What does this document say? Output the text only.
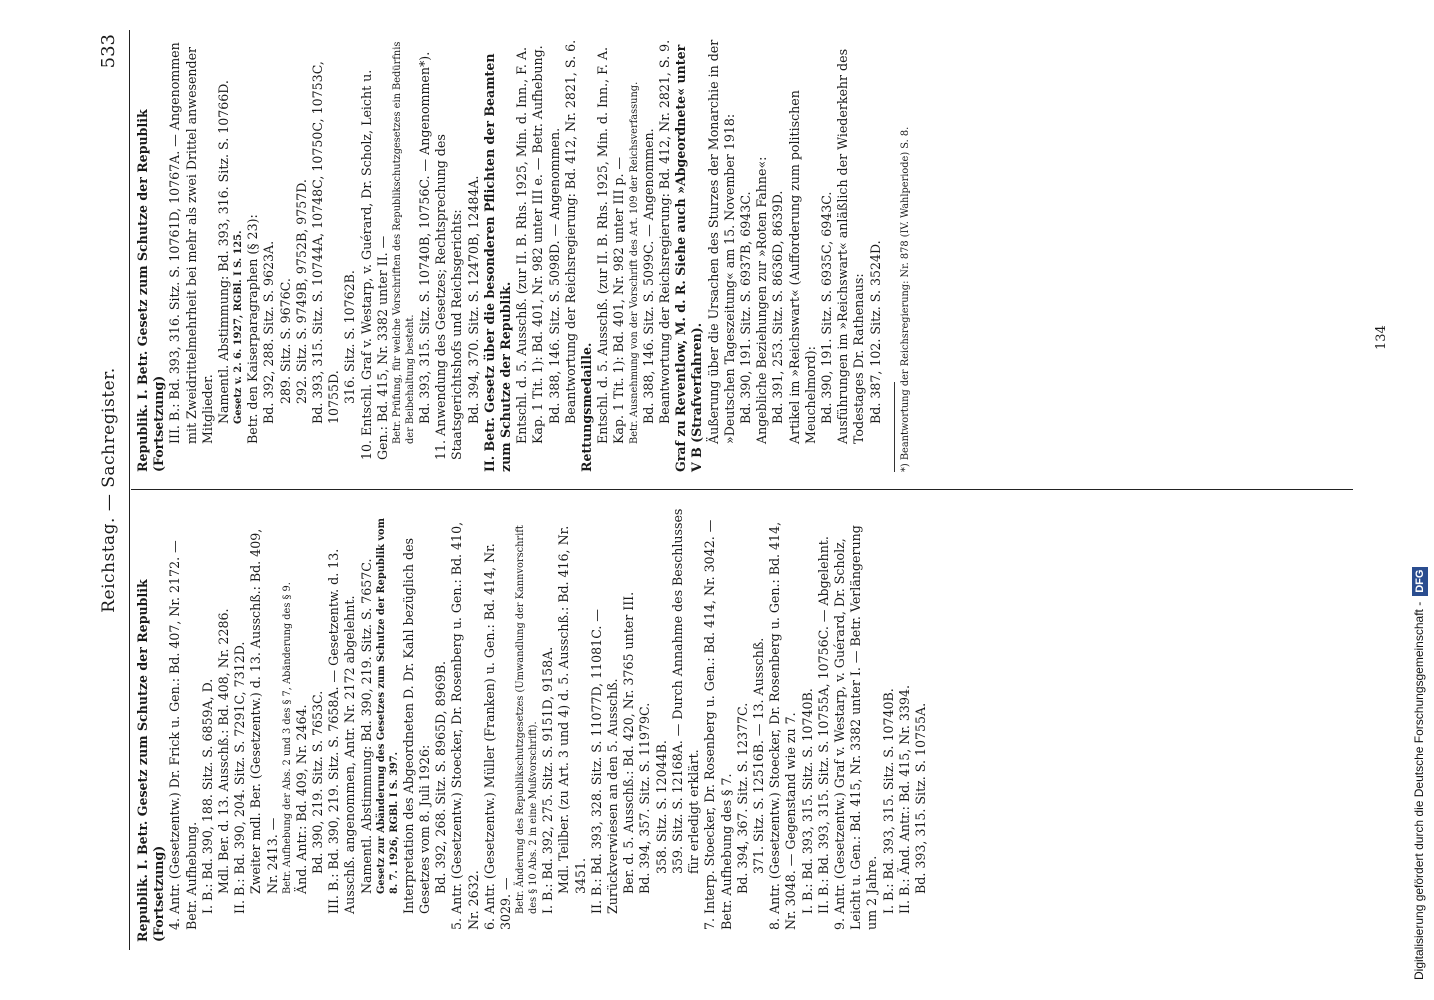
Reichstag. — Sachregister.
533

Republik. I. Betr. Gesetz zum Schutze der Republik (Fortsetzung) 4. Antr. (Gesetzentw.) Dr. Frick u. Gen.: Bd. 407, Nr. 2172. — Betr. Aufhebung. I. B.: Bd. 390, 188. Sitz. S. 6859A, D. Mdl. Ber. d. 13. Ausschß.: Bd. 408, Nr. 2286. II. B.: Bd. 390, 204. Sitz. S. 7291C, 7312D. Zweiter mdl. Ber. (Gesetzentw.) d. 13. Ausschß.: Bd. 409, Nr. 2413. — Betr. Aufhebung der Abs. 2 und 3 des § 7, Abänderung des § 9. Änd. Antr.: Bd. 409, Nr. 2464. Bd. 390, 219. Sitz. S. 7653C. III. B.: Bd. 390, 219. Sitz. S. 7658A. — Gesetzentw. d. 13. Ausschß. angenommen, Antr. Nr. 2172 abgelehnt. Namentl. Abstimmung: Bd. 390, 219. Sitz. S. 7657C. Gesetz zur Abänderung des Gesetzes zum Schutze der Republik vom 8. 7. 1926, RGBl. I S. 397. Interpretation des Abgeordneten D. Dr. Kahl bezüglich des Gesetzes vom 8. Juli 1926: Bd. 392, 268. Sitz. S. 8965D, 8969B. 5. Antr. (Gesetzentw.) Stoecker, Dr. Rosenberg u. Gen.: Bd. 410, Nr. 2632. 6. Antr. (Gesetzentw.) Müller (Franken) u. Gen.: Bd. 414, Nr. 3029. — Betr. Änderung des Republikschutzgesetzes (Umwandlung der Kannvorschrift des § 10 Abs. 2 in eine Mußvorschrift). I. B.: Bd. 392, 275. Sitz. S. 9151D, 9158A. Mdl. Teilber. (zu Art. 3 und 4) d. 5. Ausschß.: Bd. 416, Nr. 3451. II. B.: Bd. 393, 328. Sitz. S. 11077D, 11081C. — Zurückverwiesen an den 5. Ausschß. Ber. d. 5. Ausschß.: Bd. 420, Nr. 3765 unter III. Bd. 394, 357. Sitz. S. 11979C. 358. Sitz. S. 12044B. 359. Sitz. S. 12168A. — Durch Annahme des Beschlusses für erledigt erklärt. 7. Interp. Stoecker, Dr. Rosenberg u. Gen.: Bd. 414, Nr. 3042. — Betr. Aufhebung des § 7. Bd. 394, 367. Sitz. S. 12377C. 371. Sitz. S. 12516B. — 13. Ausschß. 8. Antr. (Gesetzentw.) Stoecker, Dr. Rosenberg u. Gen.: Bd. 414, Nr. 3048. — Gegenstand wie zu 7. I. B.: Bd. 393, 315. Sitz. S. 10740B. II. B.: Bd. 393, 315. Sitz. S. 10755A, 10756C. — Abgelehnt. 9. Antr. (Gesetzentw.) Graf v. Westarp, v. Guérard, Dr. Scholz, Leicht u. Gen.: Bd. 415, Nr. 3382 unter I. — Betr. Verlängerung um 2 Jahre. I. B.: Bd. 393, 315. Sitz. S. 10740B. II. B.: Änd. Antr.: Bd. 415, Nr. 3394. Bd. 393, 315. Sitz. S. 10755A.

Republik. I. Betr. Gesetz zum Schutze der Republik (Fortsetzung) III. B.: Bd. 393, 316. Sitz. S. 10761D, 10767A. — Angenommen mit Zweidrittelmehrheit bei mehr als zwei Drittel anwesender Mitglieder. Namentl. Abstimmung: Bd. 393, 316. Sitz. S. 10766D. Gesetz v. 2. 6. 1927, RGBl. I S. 125. Betr. den Kaiserparagraphen (§ 23): Bd. 392, 288. Sitz. S. 9623A. 289. Sitz. S. 9676C. 292. Sitz. S. 9749B, 9752B, 9757D. Bd. 393, 315. Sitz. S. 10744A, 10748C, 10750C, 10753C, 10755D. 316. Sitz. S. 10762B. 10. Entschl. Graf v. Westarp, v. Guérard, Dr. Scholz, Leicht u. Gen.: Bd. 415, Nr. 3382 unter II. — Betr. Prüfung, für welche Vorschriften des Republikschutzgesetzes ein Bedürfnis der Beibehaltung besteht. Bd. 393, 315. Sitz. S. 10740B, 10756C. — Angenommen*). 11. Anwendung des Gesetzes; Rechtsprechung des Staatsgerichtshofs und Reichsgerichts: Bd. 394, 370. Sitz. S. 12470B, 12484A. II. Betr. Gesetz über die besonderen Pflichten der Beamten zum Schutze der Republik. Entschl. d. 5. Ausschß. (zur II. B. Rhs. 1925, Min. d. Inn., F. A. Kap. 1 Tit. 1): Bd. 401, Nr. 982 unter III e. — Betr. Aufhebung. Bd. 388, 146. Sitz. S. 5098D. — Angenommen. Beantwortung der Reichsregierung: Bd. 412, Nr. 2821, S. 6. Rettungsmedaille. Entschl. d. 5. Ausschß. (zur II. B. Rhs. 1925, Min. d. Inn., F. A. Kap. 1 Tit. 1): Bd. 401, Nr. 982 unter III p. — Betr. Ausnehmung von der Vorschrift des Art. 109 der Reichsverfassung. Bd. 388, 146. Sitz. S. 5099C. — Angenommen. Beantwortung der Reichsregierung: Bd. 412, Nr. 2821, S. 9. Graf zu Reventlow, M. d. R. Siehe auch »Abgeordnete« unter V B (Strafverfahren). Äußerung über die Ursachen des Sturzes der Monarchie in der »Deutschen Tageszeitung« am 15. November 1918: Bd. 390, 191. Sitz. S. 6937B, 6943C. Angebliche Beziehungen zur »Roten Fahne«: Bd. 391, 253. Sitz. S. 8636D, 8639D. Artikel im »Reichswart« (Aufforderung zum politischen Meuchelmord): Bd. 390, 191. Sitz. S. 6935C, 6943C. Ausführungen im »Reichswart« anläßlich der Wiederkehr des Todestages Dr. Rathenaus: Bd. 387, 102. Sitz. S. 3524D. *) Beantwortung der Reichsregierung: Nr. 878 (IV. Wahlperiode) S. 8.	134
Digitalisierung gefördert durch die Deutsche Forschungsgemeinschaft -DFG
